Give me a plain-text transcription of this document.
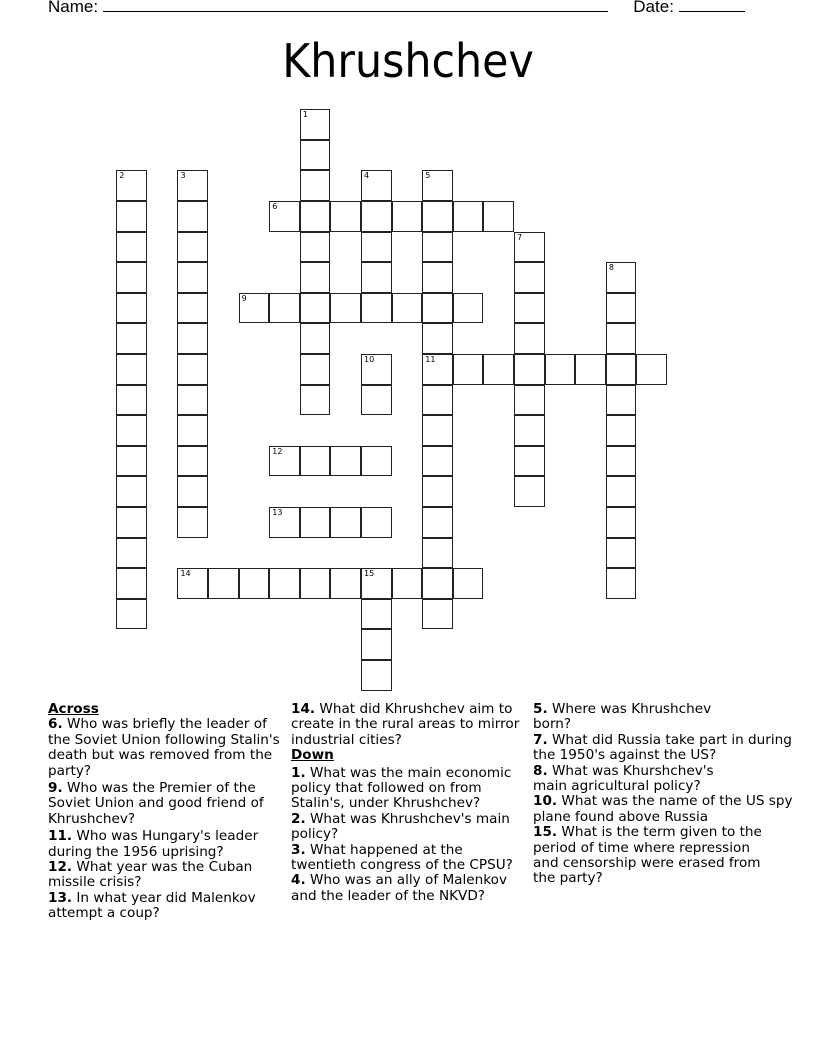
Name:	Date:
Khrushchev
1
2	3	4	5
11
6
7
8
9
10
12
13
14	15
Across
6. Who was briefly the leader of the Soviet Union following Stalin's death but was removed from the party?
9. Who was the Premier of the Soviet Union and good friend of Khrushchev?
11. Who was Hungary's leader during the 1956 uprising?
12. What year was the Cuban missile crisis?
13. In what year did Malenkov attempt a coup?
14. What did Khrushchev aim to create in the rural areas to mirror industrial cities?
Down
1. What was the main economic policy that followed on from Stalin's, under Khrushchev?
2. What was Khrushchev's main policy?
3. What happened at the twentieth congress of the CPSU?
4. Who was an ally of Malenkov and the leader of the NKVD?
5. Where was Khrushchev born?
7. What did Russia take part in during the 1950's against the US?
8. What was Khurshchev's main agricultural policy?
10. What was the name of the US spy plane found above Russia
15. What is the term given to the period of time where repression and censorship were erased from the party?
